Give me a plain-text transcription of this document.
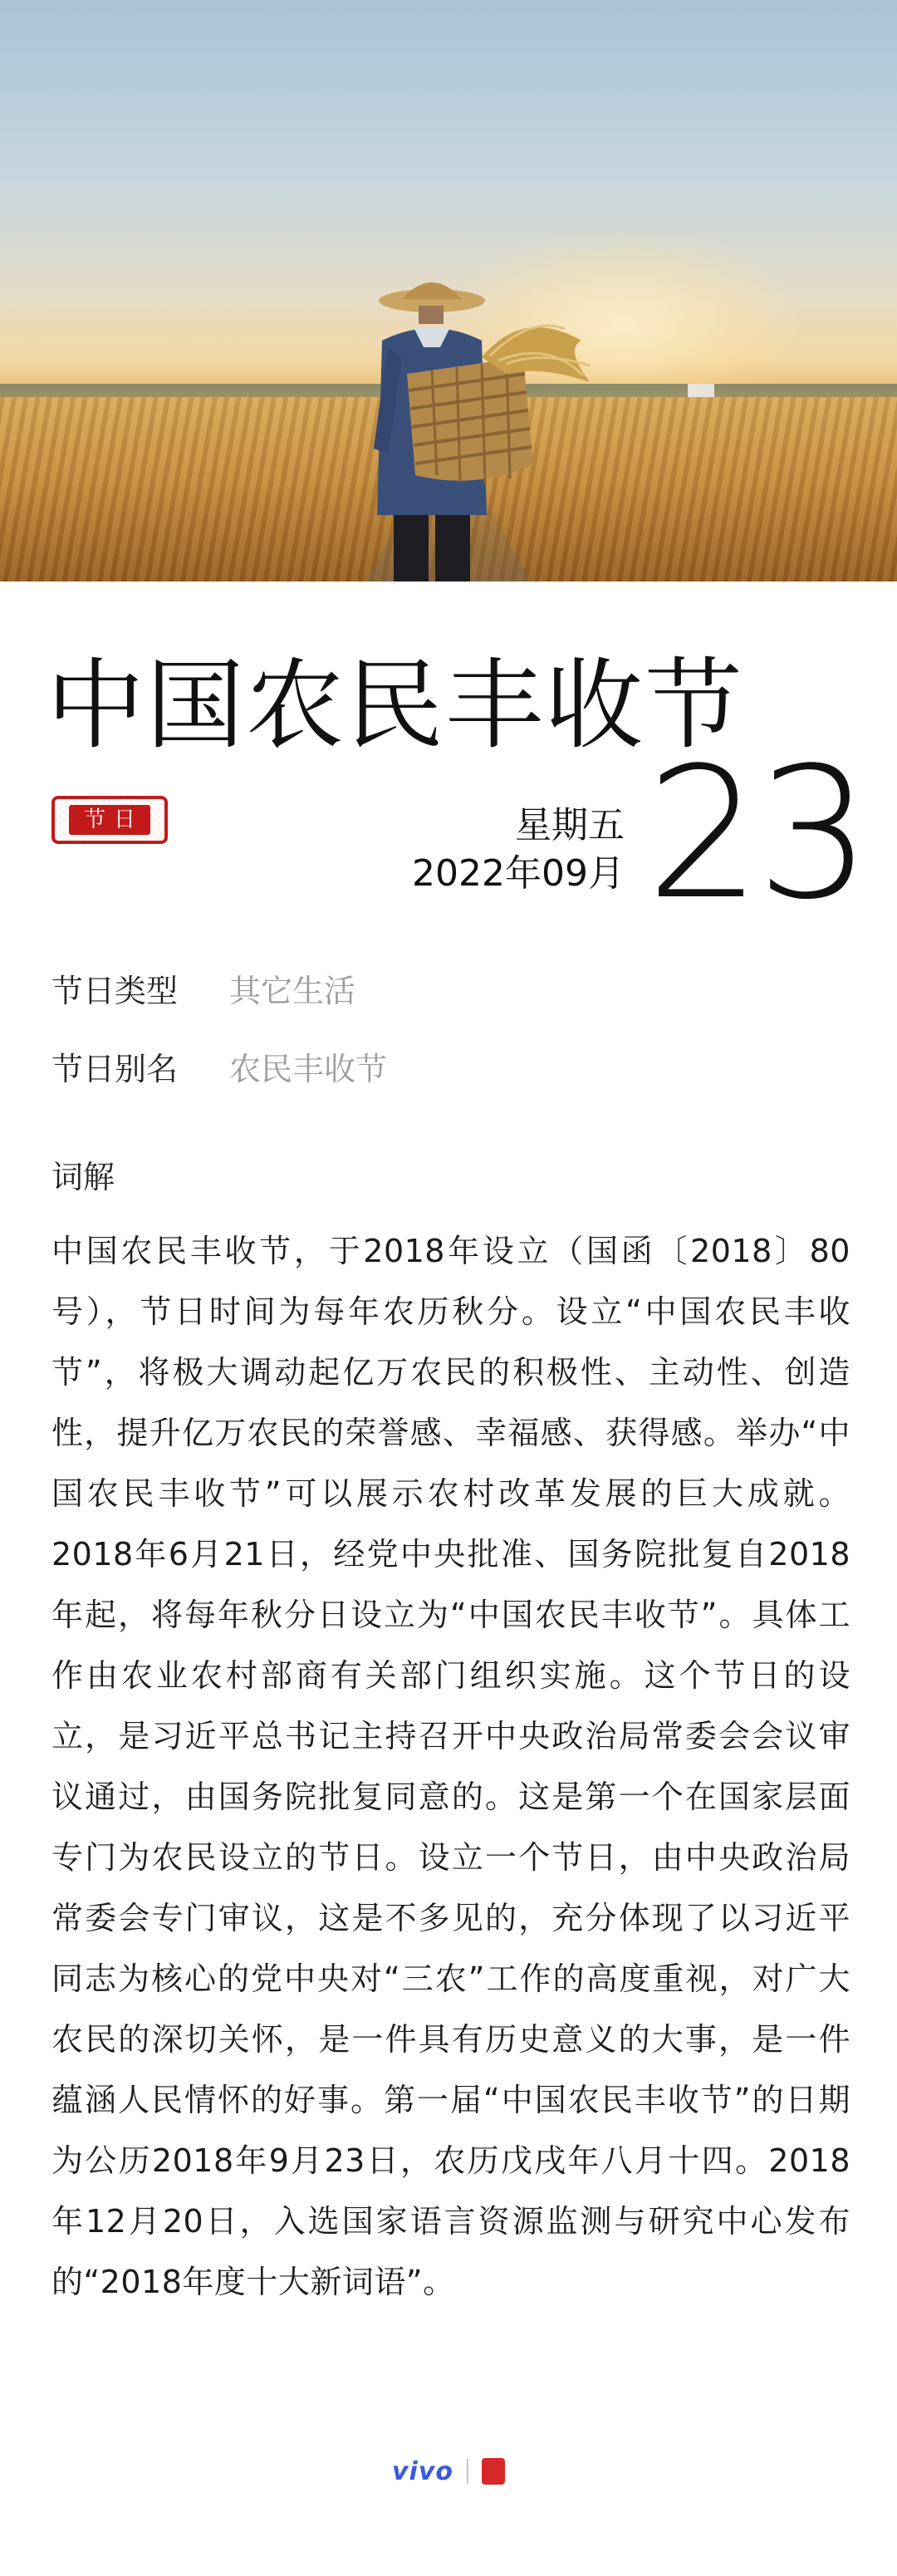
中国农民丰收节
节日	星期五
2022年09月 23
节日类型 其它生活
节日别名 农民丰收节
词解
中国农民丰收节，于2018年设立（国函〔2018〕80号），节日时间为每年农历秋分。设立“中国农民丰收节”，将极大调动起亿万农民的积极性、主动性、创造性，提升亿万农民的荣誉感、幸福感、获得感。举办“中国农民丰收节”可以展示农村改革发展的巨大成就。2018年6月21日，经党中央批准、国务院批复自2018年起，将每年秋分日设立为“中国农民丰收节”。具体工作由农业农村部商有关部门组织实施。这个节日的设立，是习近平总书记主持召开中央政治局常委会会议审议通过，由国务院批复同意的。这是第一个在国家层面专门为农民设立的节日。设立一个节日，由中央政治局常委会专门审议，这是不多见的，充分体现了以习近平同志为核心的党中央对“三农”工作的高度重视，对广大农民的深切关怀，是一件具有历史意义的大事，是一件蕴涵人民情怀的好事。第一届“中国农民丰收节”的日期为公历2018年9月23日，农历戊戌年八月十四。2018年12月20日，入选国家语言资源监测与研究中心发布的“2018年度十大新词语”。
vivo
